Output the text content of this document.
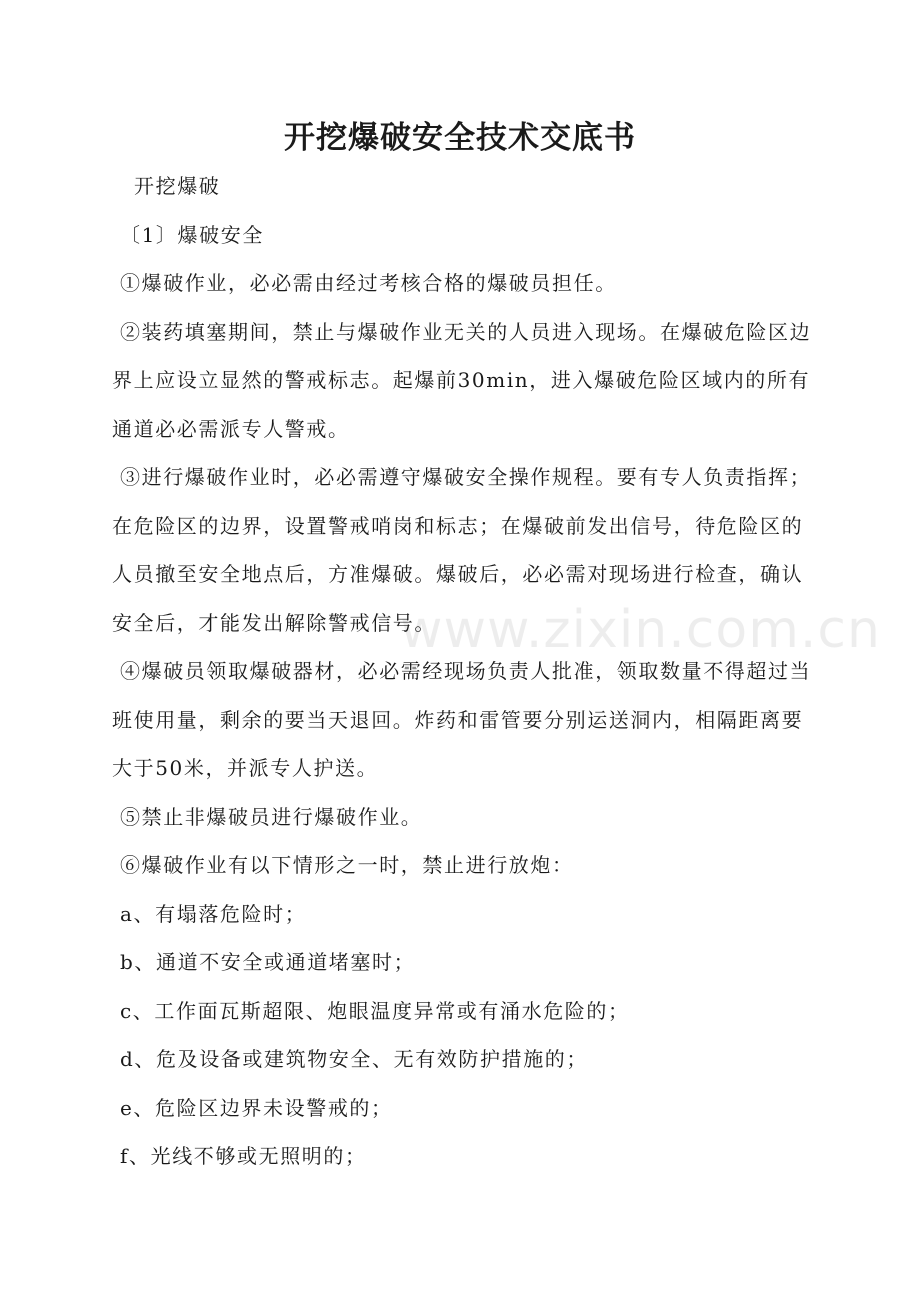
开挖爆破安全技术交底书

开挖爆破

〔1〕爆破安全

①爆破作业，必必需由经过考核合格的爆破员担任。

②装药填塞期间，禁止与爆破作业无关的人员进入现场。在爆破危险区边界上应设立显然的警戒标志。起爆前30min，进入爆破危险区域内的所有通道必必需派专人警戒。

③进行爆破作业时，必必需遵守爆破安全操作规程。要有专人负责指挥；在危险区的边界，设置警戒哨岗和标志；在爆破前发出信号，待危险区的人员撤至安全地点后，方准爆破。爆破后，必必需对现场进行检查，确认安全后，才能发出解除警戒信号。

④爆破员领取爆破器材，必必需经现场负责人批准，领取数量不得超过当班使用量，剩余的要当天退回。炸药和雷管要分别运送洞内，相隔距离要大于50米，并派专人护送。

⑤禁止非爆破员进行爆破作业。

⑥爆破作业有以下情形之一时，禁止进行放炮：

a、有塌落危险时；

b、通道不安全或通道堵塞时；

c、工作面瓦斯超限、炮眼温度异常或有涌水危险的；

d、危及设备或建筑物安全、无有效防护措施的；

e、危险区边界未设警戒的；

f、光线不够或无照明的；

www.zixin.com.cn
